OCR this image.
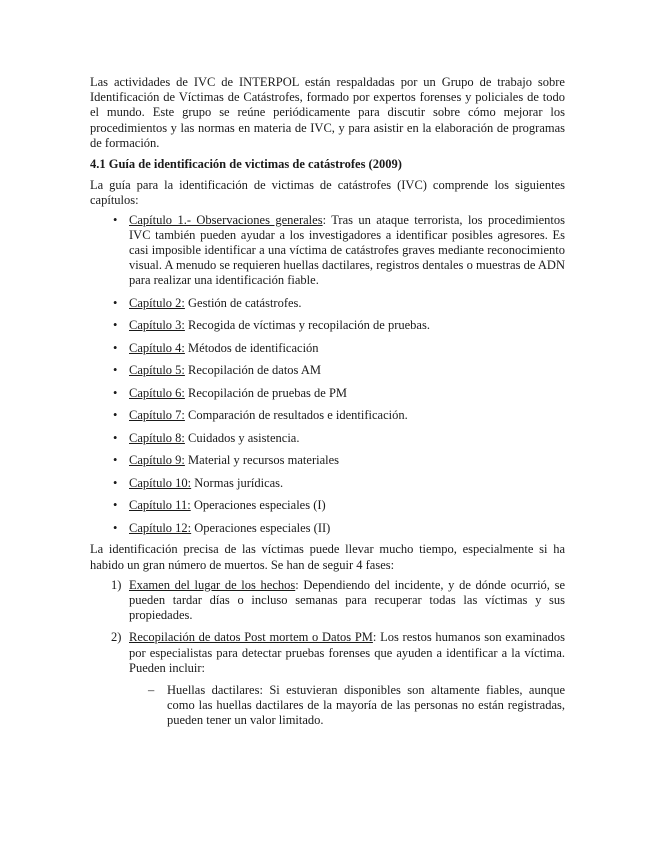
Las actividades de IVC de INTERPOL están respaldadas por un Grupo de trabajo sobre Identificación de Víctimas de Catástrofes, formado por expertos forenses y policiales de todo el mundo. Este grupo se reúne periódicamente para discutir sobre cómo mejorar los procedimientos y las normas en materia de IVC, y para asistir en la elaboración de programas de formación.

4.1 Guía de identificación de victimas de catástrofes (2009)

La guía para la identificación de victimas de catástrofes (IVC) comprende los siguientes capítulos:

• Capítulo 1.- Observaciones generales: Tras un ataque terrorista, los procedimientos IVC también pueden ayudar a los investigadores a identificar posibles agresores. Es casi imposible identificar a una víctima de catástrofes graves mediante reconocimiento visual. A menudo se requieren huellas dactilares, registros dentales o muestras de ADN para realizar una identificación fiable.
• Capítulo 2: Gestión de catástrofes.
• Capítulo 3: Recogida de víctimas y recopilación de pruebas.
• Capítulo 4: Métodos de identificación
• Capítulo 5: Recopilación de datos AM
• Capítulo 6: Recopilación de pruebas de PM
• Capítulo 7: Comparación de resultados e identificación.
• Capítulo 8: Cuidados y asistencia.
• Capítulo 9: Material y recursos materiales
• Capítulo 10: Normas jurídicas.
• Capítulo 11: Operaciones especiales (I)
• Capítulo 12: Operaciones especiales (II)

La identificación precisa de las víctimas puede llevar mucho tiempo, especialmente si ha habido un gran número de muertos. Se han de seguir 4 fases:

1) Examen del lugar de los hechos: Dependiendo del incidente, y de dónde ocurrió, se pueden tardar días o incluso semanas para recuperar todas las víctimas y sus propiedades.
2) Recopilación de datos Post mortem o Datos PM: Los restos humanos son examinados por especialistas para detectar pruebas forenses que ayuden a identificar a la víctima. Pueden incluir:
– Huellas dactilares: Si estuvieran disponibles son altamente fiables, aunque como las huellas dactilares de la mayoría de las personas no están registradas, pueden tener un valor limitado.
